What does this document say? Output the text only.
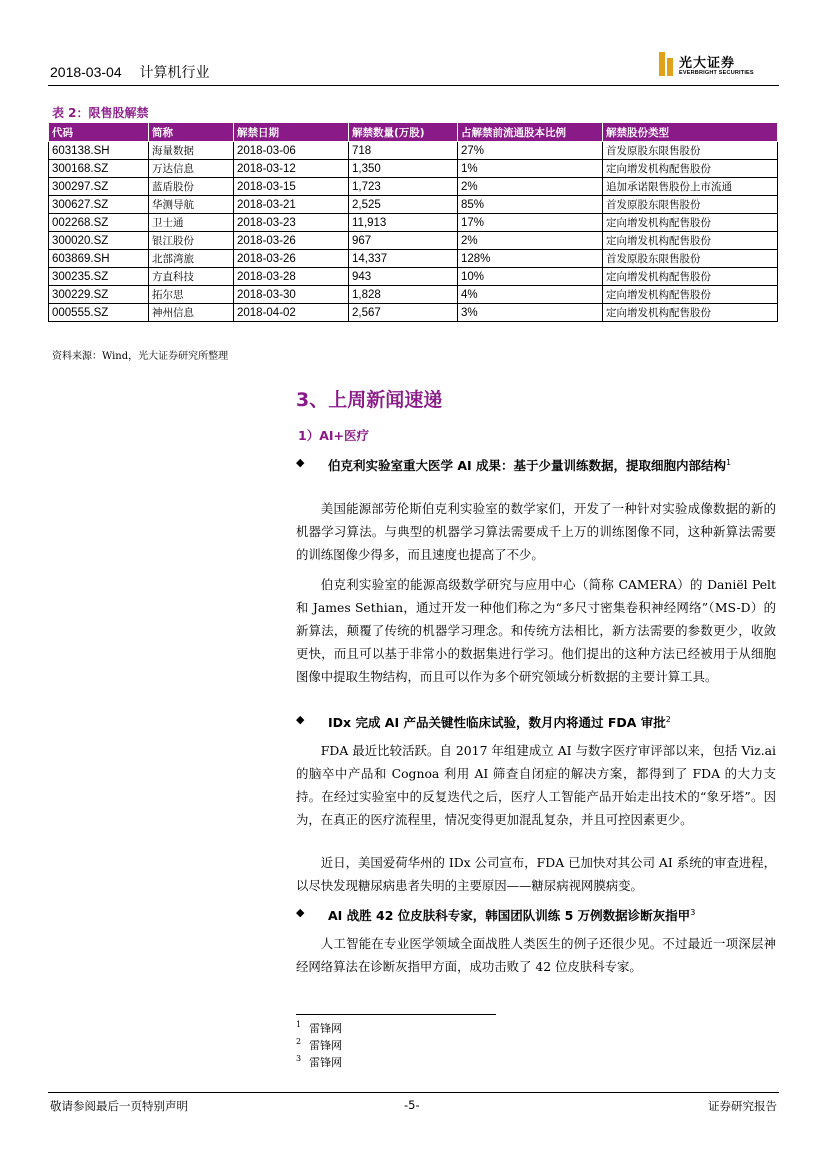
2018-03-04 计算机行业
光大证券
EVERBRIGHT SECURITIES
表 2：限售股解禁
代码	简称	解禁日期	解禁数量(万股)	占解禁前流通股本比例	解禁股份类型
603138.SH	海量数据	2018-03-06	718	27%	首发原股东限售股份
300168.SZ	万达信息	2018-03-12	1,350	1%	定向增发机构配售股份
300297.SZ	蓝盾股份	2018-03-15	1,723	2%	追加承诺限售股份上市流通
300627.SZ	华测导航	2018-03-21	2,525	85%	首发原股东限售股份
002268.SZ	卫士通	2018-03-23	11,913	17%	定向增发机构配售股份
300020.SZ	银江股份	2018-03-26	967	2%	定向增发机构配售股份
603869.SH	北部湾旅	2018-03-26	14,337	128%	首发原股东限售股份
300235.SZ	方直科技	2018-03-28	943	10%	定向增发机构配售股份
300229.SZ	拓尔思	2018-03-30	1,828	4%	定向增发机构配售股份
000555.SZ	神州信息	2018-04-02	2,567	3%	定向增发机构配售股份
资料来源：Wind，光大证券研究所整理
3、上周新闻速递
1）AI+医疗
◆	伯克利实验室重大医学 AI 成果：基于少量训练数据，提取细胞内部结构$^1$
美国能源部劳伦斯伯克利实验室的数学家们，开发了一种针对实验成像数据的新的机器学习算法。与典型的机器学习算法需要成千上万的训练图像不同，这种新算法需要的训练图像少得多，而且速度也提高了不少。
伯克利实验室的能源高级数学研究与应用中心（简称 CAMERA）的 Daniël Pelt 和 James Sethian，通过开发一种他们称之为“多尺寸密集卷积神经网络”（MS-D）的新算法，颠覆了传统的机器学习理念。和传统方法相比，新方法需要的参数更少，收敛更快，而且可以基于非常小的数据集进行学习。他们提出的这种方法已经被用于从细胞图像中提取生物结构，而且可以作为多个研究领域分析数据的主要计算工具。
◆	IDx 完成 AI 产品关键性临床试验，数月内将通过 FDA 审批$^2$
FDA 最近比较活跃。自 2017 年组建成立 AI 与数字医疗审评部以来，包括 Viz.ai 的脑卒中产品和 Cognoa 利用 AI 筛查自闭症的解决方案，都得到了 FDA 的大力支持。在经过实验室中的反复迭代之后，医疗人工智能产品开始走出技术的“象牙塔”。因为，在真正的医疗流程里，情况变得更加混乱复杂，并且可控因素更少。
近日，美国爱荷华州的 IDx 公司宣布，FDA 已加快对其公司 AI 系统的审查进程，以尽快发现糖尿病患者失明的主要原因——糖尿病视网膜病变。
◆	AI 战胜 42 位皮肤科专家，韩国团队训练 5 万例数据诊断灰指甲$^3$
人工智能在专业医学领域全面战胜人类医生的例子还很少见。不过最近一项深层神经网络算法在诊断灰指甲方面，成功击败了 42 位皮肤科专家。
$^1$ 雷锋网
$^2$ 雷锋网
$^3$ 雷锋网
敬请参阅最后一页特别声明	-5-	证券研究报告
